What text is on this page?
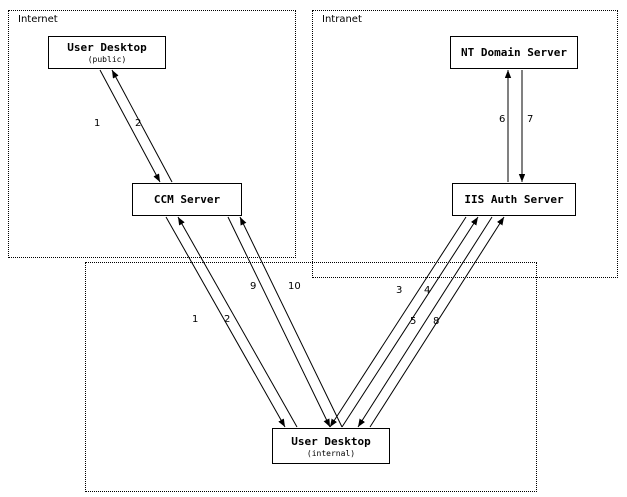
Internet	Intranet
User Desktop
(public)
CCM Server
NT Domain Server
IIS Auth Server
User Desktop
(internal)
1	2	6 7
9	10	3 4
5 8
1	2
